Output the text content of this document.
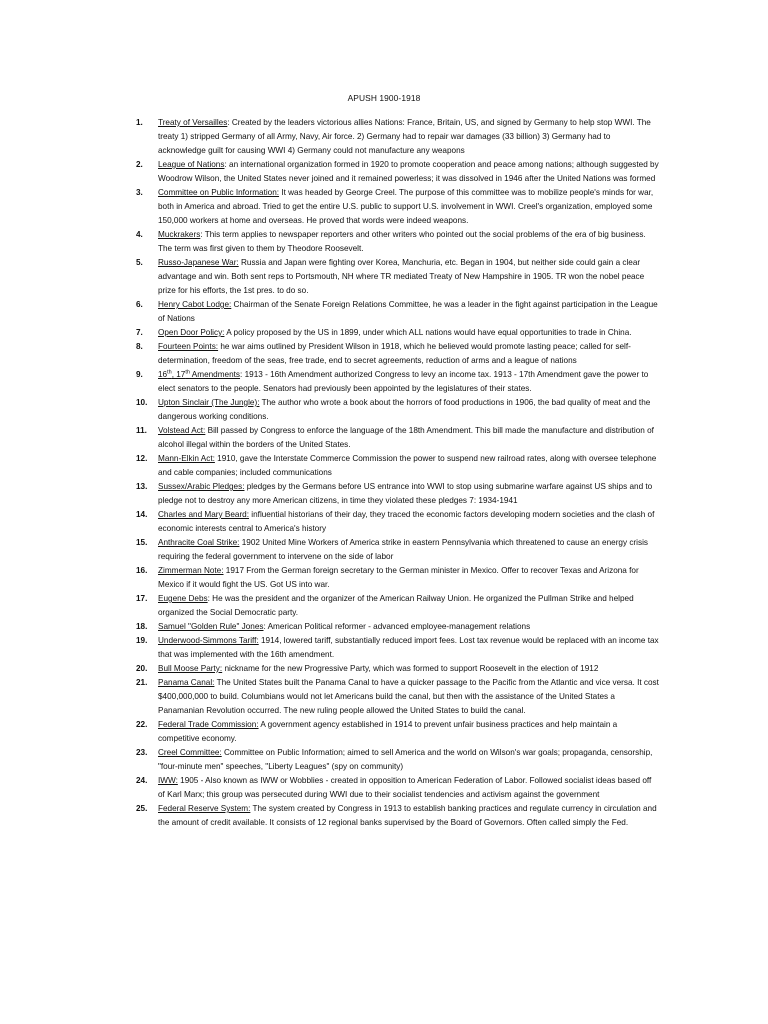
APUSH 1900-1918
1. Treaty of Versailles: Created by the leaders victorious allies Nations: France, Britain, US, and signed by Germany to help stop WWI. The treaty 1) stripped Germany of all Army, Navy, Air force. 2) Germany had to repair war damages (33 billion) 3) Germany had to acknowledge guilt for causing WWI 4) Germany could not manufacture any weapons
2. League of Nations: an international organization formed in 1920 to promote cooperation and peace among nations; although suggested by Woodrow Wilson, the United States never joined and it remained powerless; it was dissolved in 1946 after the United Nations was formed
3. Committee on Public Information: It was headed by George Creel. The purpose of this committee was to mobilize people's minds for war, both in America and abroad. Tried to get the entire U.S. public to support U.S. involvement in WWI. Creel's organization, employed some 150,000 workers at home and overseas. He proved that words were indeed weapons.
4. Muckrakers: This term applies to newspaper reporters and other writers who pointed out the social problems of the era of big business. The term was first given to them by Theodore Roosevelt.
5. Russo-Japanese War: Russia and Japan were fighting over Korea, Manchuria, etc. Began in 1904, but neither side could gain a clear advantage and win. Both sent reps to Portsmouth, NH where TR mediated Treaty of New Hampshire in 1905. TR won the nobel peace prize for his efforts, the 1st pres. to do so.
6. Henry Cabot Lodge: Chairman of the Senate Foreign Relations Committee, he was a leader in the fight against participation in the League of Nations
7. Open Door Policy: A policy proposed by the US in 1899, under which ALL nations would have equal opportunities to trade in China.
8. Fourteen Points: he war aims outlined by President Wilson in 1918, which he believed would promote lasting peace; called for self-determination, freedom of the seas, free trade, end to secret agreements, reduction of arms and a league of nations
9. 16th, 17th Amendments: 1913 - 16th Amendment authorized Congress to levy an income tax. 1913 - 17th Amendment gave the power to elect senators to the people. Senators had previously been appointed by the legislatures of their states.
10. Upton Sinclair (The Jungle): The author who wrote a book about the horrors of food productions in 1906, the bad quality of meat and the dangerous working conditions.
11. Volstead Act: Bill passed by Congress to enforce the language of the 18th Amendment. This bill made the manufacture and distribution of alcohol illegal within the borders of the United States.
12. Mann-Elkin Act: 1910, gave the Interstate Commerce Commission the power to suspend new railroad rates, along with oversee telephone and cable companies; included communications
13. Sussex/Arabic Pledges: pledges by the Germans before US entrance into WWI to stop using submarine warfare against US ships and to pledge not to destroy any more American citizens, in time they violated these pledges 7: 1934-1941
14. Charles and Mary Beard: influential historians of their day, they traced the economic factors developing modern societies and the clash of economic interests central to America's history
15. Anthracite Coal Strike: 1902 United Mine Workers of America strike in eastern Pennsylvania which threatened to cause an energy crisis requiring the federal government to intervene on the side of labor
16. Zimmerman Note: 1917 From the German foreign secretary to the German minister in Mexico. Offer to recover Texas and Arizona for Mexico if it would fight the US. Got US into war.
17. Eugene Debs: He was the president and the organizer of the American Railway Union. He organized the Pullman Strike and helped organized the Social Democratic party.
18. Samuel "Golden Rule" Jones: American Political reformer - advanced employee-management relations
19. Underwood-Simmons Tariff: 1914, lowered tariff, substantially reduced import fees. Lost tax revenue would be replaced with an income tax that was implemented with the 16th amendment.
20. Bull Moose Party: nickname for the new Progressive Party, which was formed to support Roosevelt in the election of 1912
21. Panama Canal: The United States built the Panama Canal to have a quicker passage to the Pacific from the Atlantic and vice versa. It cost $400,000,000 to build. Columbians would not let Americans build the canal, but then with the assistance of the United States a Panamanian Revolution occurred. The new ruling people allowed the United States to build the canal.
22. Federal Trade Commission: A government agency established in 1914 to prevent unfair business practices and help maintain a competitive economy.
23. Creel Committee: Committee on Public Information; aimed to sell America and the world on Wilson's war goals; propaganda, censorship, "four-minute men" speeches, "Liberty Leagues" (spy on community)
24. IWW: 1905 - Also known as IWW or Wobblies - created in opposition to American Federation of Labor. Followed socialist ideas based off of Karl Marx; this group was persecuted during WWI due to their socialist tendencies and activism against the government
25. Federal Reserve System: The system created by Congress in 1913 to establish banking practices and regulate currency in circulation and the amount of credit available. It consists of 12 regional banks supervised by the Board of Governors. Often called simply the Fed.
